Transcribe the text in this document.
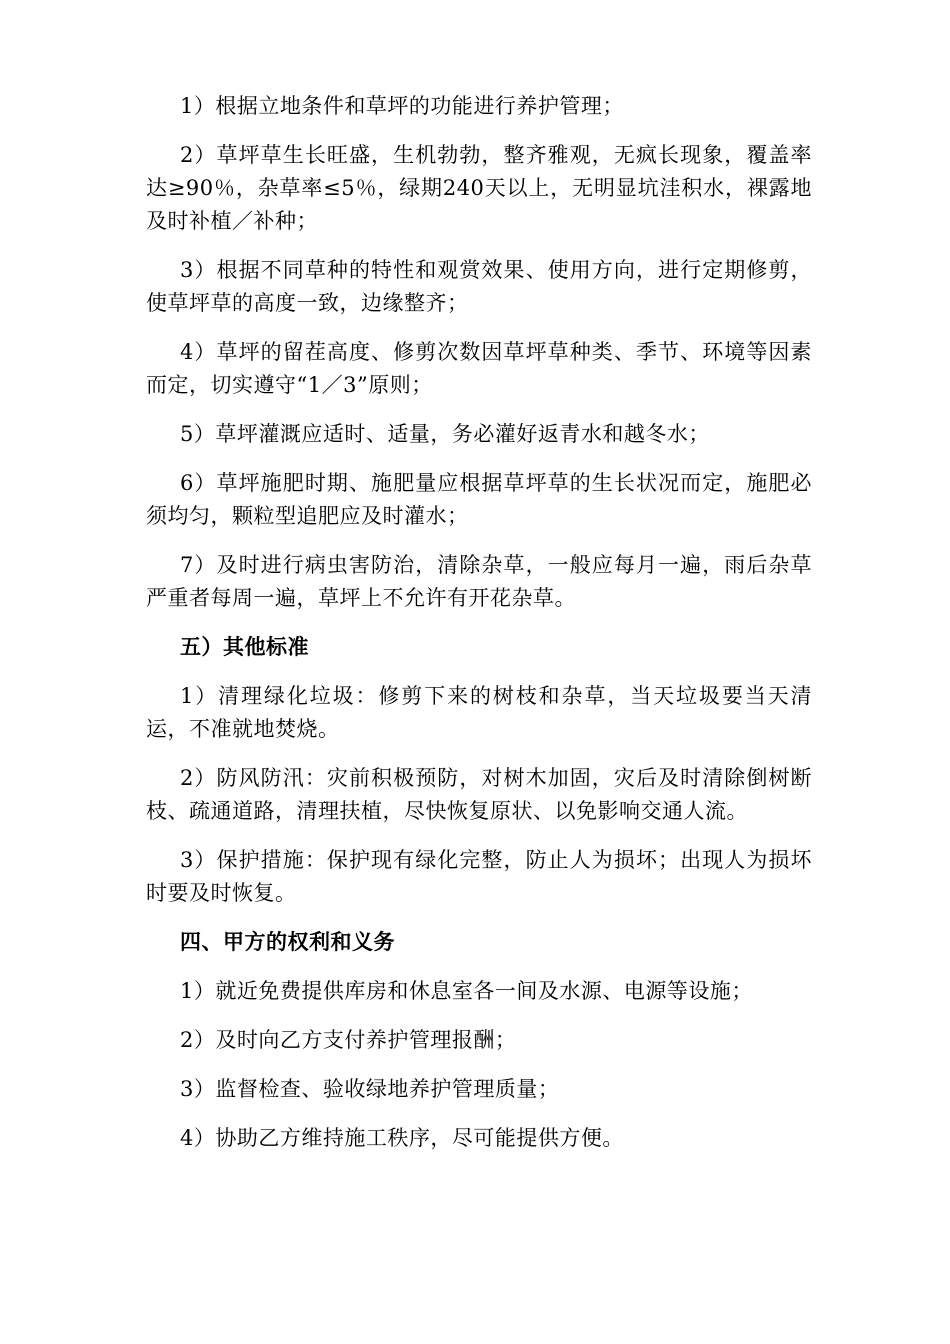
1）根据立地条件和草坪的功能进行养护管理；

2）草坪草生长旺盛，生机勃勃，整齐雅观，无疯长现象，覆盖率达≥90％，杂草率≤5％，绿期240天以上，无明显坑洼积水，裸露地及时补植／补种；

3）根据不同草种的特性和观赏效果、使用方向，进行定期修剪，使草坪草的高度一致，边缘整齐；

4）草坪的留茬高度、修剪次数因草坪草种类、季节、环境等因素而定，切实遵守“1／3”原则；

5）草坪灌溉应适时、适量，务必灌好返青水和越冬水；

6）草坪施肥时期、施肥量应根据草坪草的生长状况而定，施肥必须均匀，颗粒型追肥应及时灌水；

7）及时进行病虫害防治，清除杂草，一般应每月一遍，雨后杂草严重者每周一遍，草坪上不允许有开花杂草。

五）其他标准

1）清理绿化垃圾：修剪下来的树枝和杂草，当天垃圾要当天清运，不准就地焚烧。

2）防风防汛：灾前积极预防，对树木加固，灾后及时清除倒树断枝、疏通道路，清理扶植，尽快恢复原状、以免影响交通人流。

3）保护措施：保护现有绿化完整，防止人为损坏；出现人为损坏时要及时恢复。

四、甲方的权利和义务

1）就近免费提供库房和休息室各一间及水源、电源等设施；

2）及时向乙方支付养护管理报酬；

3）监督检查、验收绿地养护管理质量；

4）协助乙方维持施工秩序，尽可能提供方便。
